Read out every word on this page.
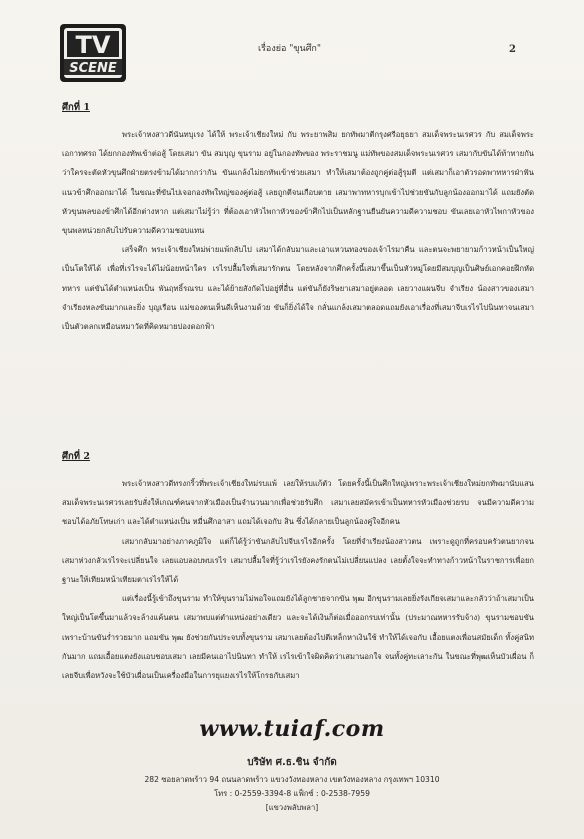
TV
SCENE
เรื่องย่อ "ขุนศึก"	2
ศึกที่ 1

พระเจ้าหงสาวดีนันทบุเรง ได้ให้ พระเจ้าเชียงใหม่ กับ พระยาพสิม ยกทัพมาตีกรุงศรีอยุธยา สมเด็จพระนเรศวร กับ สมเด็จพระเอกาทศรถ ได้ยกกองทัพเข้าต่อสู้ โดยเสมา ขัน สมบุญ ขุนราม อยู่ในกองทัพของ พระราชมนู แม่ทัพของสมเด็จพระนเรศวร เสมากับขันได้ท้าทายกัน ว่าใครจะตัดหัวขุนศึกฝ่ายตรงข้ามได้มากกว่ากัน ขันแกล้งไม่ยกทัพเข้าช่วยเสมา ทำให้เสมาต้องถูกคู่ต่อสู้รุมตี แต่เสมาก็เอาตัวรอดพาทหารฝ่าฟันแนวข้าศึกออกมาได้ ในขณะที่ขันไปเจอกองทัพใหญ่ของคู่ต่อสู้ เลยถูกตีจนเกือบตาย เสมาพาทหารบุกเข้าไปช่วยขันกับลูกน้องออกมาได้ แถมยังตัดหัวขุนพลของข้าศึกได้อีกต่างหาก แต่เสมาไม่รู้ว่า ที่ต้องเอาหัวไพกาหัวของข้าศึกไปเป็นหลักฐานยืนยันความดีความชอบ ขันเลยเอาหัวไพกาหัวของขุนพลหน่วยกลับไปรับความดีความชอบแทน

เสร็จศึก พระเจ้าเชียงใหม่พ่ายแพ้กลับไป เสมาได้กลับมาและเอาแหวนทองของเจ้าไรมาคืน และตนจะพยายามก้าวหน้าเป็นใหญ่เป็นโตให้ได้ เพื่อที่เรไรจะได้ไม่น้อยหน้าใคร เรไรปลื้มใจที่เสมารักตน โดยหลังจากศึกครั้งนี้เสมาขึ้นเป็นหัวหมู่โดยมีสมบุญเป็นศิษย์เอกคอยฝึกหัดทหาร แต่ขันได้ตำแหน่งเป็น พันฤทธิ์รณรบ และได้ย้ายสังกัดไปอยู่ที่อื่น แต่ขันก็ยังริษยาเสมาอยู่ตลอด เลยวางแผนจีบ จำเรียง น้องสาวของเสมา จำเรียงหลงขันมากและยิ่ง บุญเรือน แม่ของตนเห็นดีเห็นงามด้วย ขันก็ยิ่งได้ใจ กลั่นแกล้งเสมาตลอดแถมยังเอาเรื่องที่เสมาจีบเรไรไปนินทาจนเสมาเป็นตัวตลกเหมือนหมาวัดที่คิดหมายปองดอกฟ้า

ศึกที่ 2

พระเจ้าหงสาวดีทรงกริ้วที่พระเจ้าเชียงใหม่รบแพ้ เลยให้รบแก้ตัว โดยครั้งนี้เป็นศึกใหญ่เพราะพระเจ้าเชียงใหม่ยกทัพมานับแสน สมเด็จพระนเรศวรเลยรับสั่งให้เกณฑ์คนจากหัวเมืองเป็นจำนวนมากเพื่อช่วยรับศึก เสมาเลยสมัครเข้าเป็นทหารหัวเมืองช่วยรบ จนมีความดีความชอบได้อภัยโทษเก่า และได้ตำแหน่งเป็น หมื่นศึกอาสา แถมได้เจอกับ สิน ซึ่งได้กลายเป็นลูกน้องคู่ใจอีกคน

เสมากลับมาอย่างภาคภูมิใจ แต่ก็ได้รู้ว่าขันกลับไปจีบเรไรอีกครั้ง โดยที่จำเรียงน้องสาวตน เพราะดูถูกที่ครอบครัวตนยากจน เสมาห่วงกลัวเรไรจะเปลี่ยนใจ เลยแอบลอบพบเรไร เสมาปลื้มใจที่รู้ว่าเรไรยังคงรักตนไม่เปลี่ยนแปลง เลยตั้งใจจะทำทางก้าวหน้าในราชการเพื่อยกฐานะให้เทียมหน้าเทียมตาเรไรให้ได้

แต่เรื่องนี้รู้เข้าถึงขุนราม ทำให้ขุนรามไม่พอใจแถมยังได้ลูกชายจากขัน พุฒ อีกขุนรามเลยยิ่งรังเกียจเสมาและกลัวว่าถ้าเสมาเป็นใหญ่เป็นโตขึ้นมาแล้วจะล้างแค้นตน เสมาพบแต่ตำแหน่งอย่างเดียว และจะได้เงินก็ต่อเมื่อออกรบเท่านั้น (ประมาณทหารรับจ้าง) ขุนรามชอบขันเพราะบ้านขันร่ำรวยมาก แถมขัน พุฒ ยังช่วยกันประจบทั้งขุนราม เสมาเลยต้องไปตีเหล็กหาเงินใช้ ทำให้ได้เจอกับ เอื้อยแตงเพื่อนสมัยเด็ก ทั้งคู่สนิทกันมาก แถมเอื้อยแตงยังแอบชอบเสมา เลยมีคนเอาไปนินทา ทำให้ เรไรเข้าใจผิดคิดว่าเสมานอกใจ จนทั้งคู่ทะเลาะกัน ในขณะที่พุฒเห็นบัวเผื่อน ก็เลยจีบเพื่อหวังจะใช้บัวเผื่อนเป็นเครื่องมือในการยุแยงเรไรให้โกรธกับเสมา

www.tuiaf.com
บริษัท ศ.ธ.ชิน จำกัด
282 ซอยลาดพร้าว 94 ถนนลาดพร้าว แขวงวังทองหลาง เขตวังทองหลาง กรุงเทพฯ 10310
โทร : 0-2559-3394-8 แฟ็กซ์ : 0-2538-7959
[แขวงพลับพลา]
